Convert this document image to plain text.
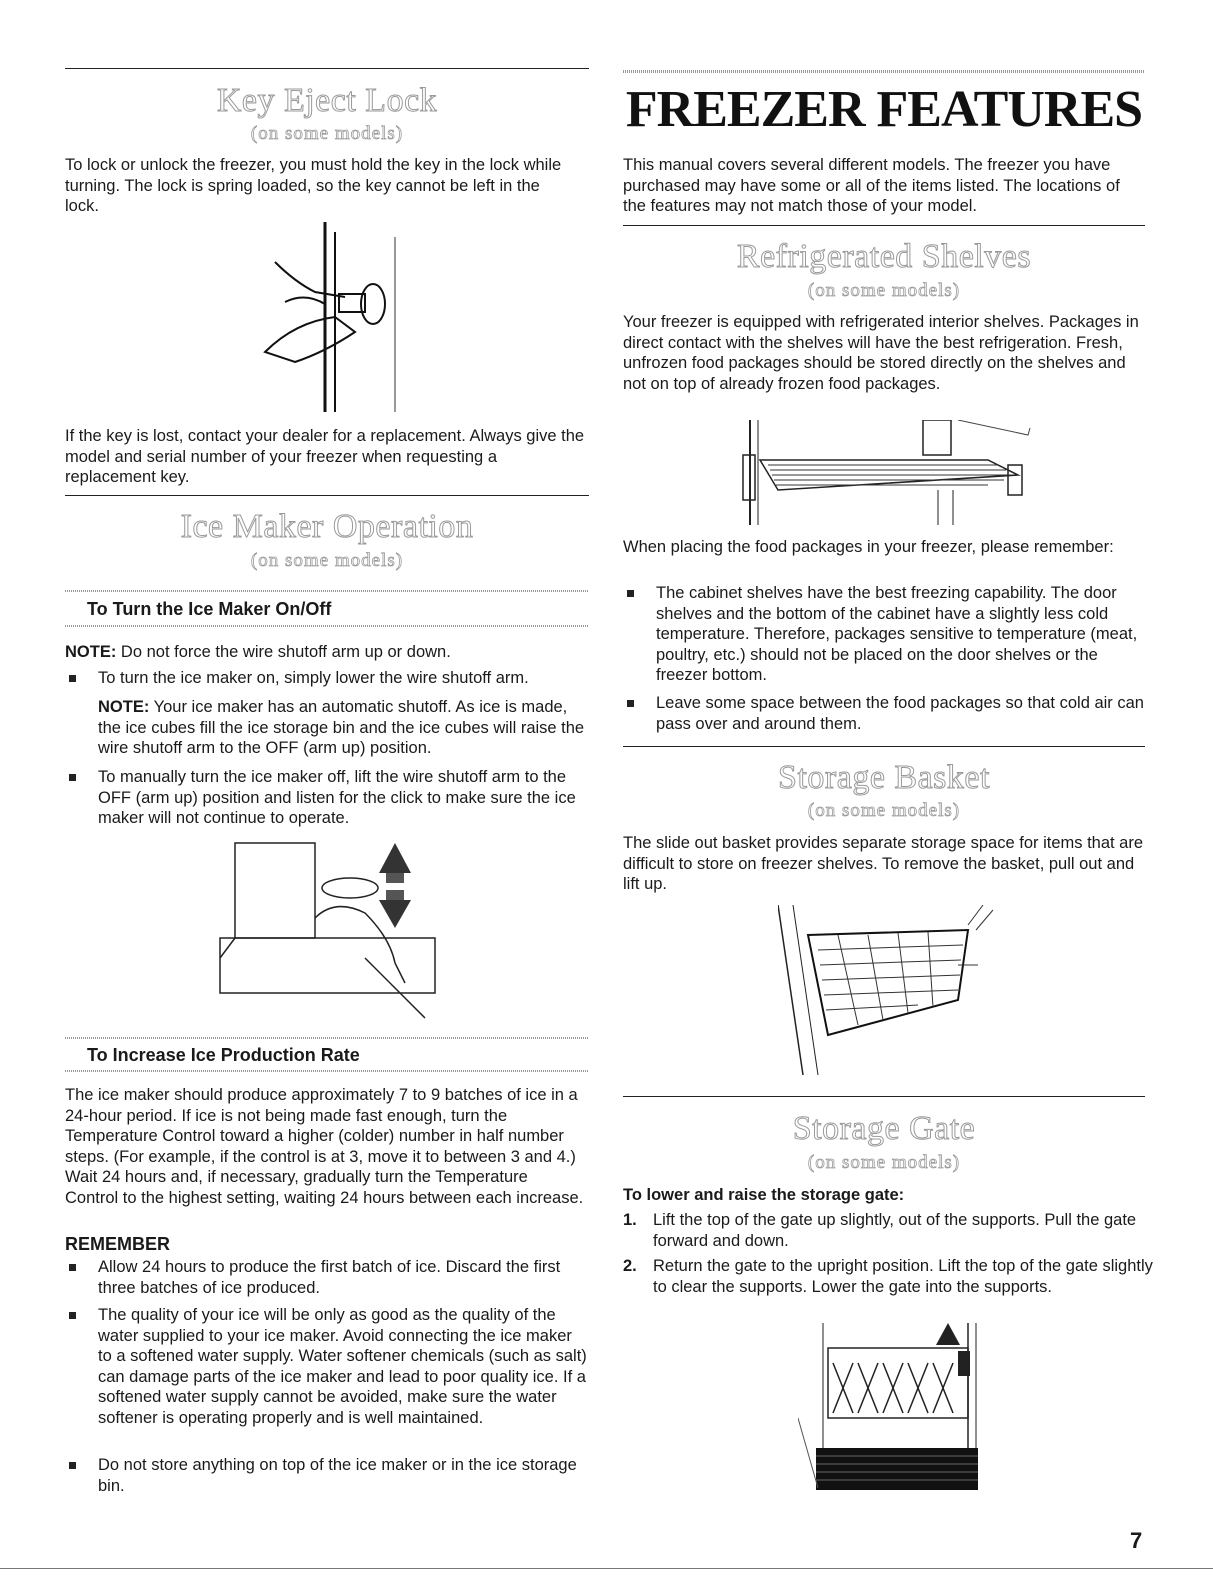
Key Eject Lock
(on some models)

To lock or unlock the freezer, you must hold the key in the lock while turning. The lock is spring loaded, so the key cannot be left in the lock.

If the key is lost, contact your dealer for a replacement. Always give the model and serial number of your freezer when requesting a replacement key.

Ice Maker Operation
(on some models)
To Turn the Ice Maker On/Off

NOTE: Do not force the wire shutoff arm up or down.

To turn the ice maker on, simply lower the wire shutoff arm.

NOTE: Your ice maker has an automatic shutoff. As ice is made, the ice cubes fill the ice storage bin and the ice cubes will raise the wire shutoff arm to the OFF (arm up) position.

To manually turn the ice maker off, lift the wire shutoff arm to the OFF (arm up) position and listen for the click to make sure the ice maker will not continue to operate.

To Increase Ice Production Rate

The ice maker should produce approximately 7 to 9 batches of ice in a 24-hour period. If ice is not being made fast enough, turn the Temperature Control toward a higher (colder) number in half number steps. (For example, if the control is at 3, move it to between 3 and 4.) Wait 24 hours and, if necessary, gradually turn the Temperature Control to the highest setting, waiting 24 hours between each increase.

REMEMBER

Allow 24 hours to produce the first batch of ice. Discard the first three batches of ice produced.

The quality of your ice will be only as good as the quality of the water supplied to your ice maker. Avoid connecting the ice maker to a softened water supply. Water softener chemicals (such as salt) can damage parts of the ice maker and lead to poor quality ice. If a softened water supply cannot be avoided, make sure the water softener is operating properly and is well maintained.

Do not store anything on top of the ice maker or in the ice storage bin.

FREEZER FEATURES

This manual covers several different models. The freezer you have purchased may have some or all of the items listed. The locations of the features may not match those of your model.

Refrigerated Shelves
(on some models)

Your freezer is equipped with refrigerated interior shelves. Packages in direct contact with the shelves will have the best refrigeration. Fresh, unfrozen food packages should be stored directly on the shelves and not on top of already frozen food packages.

When placing the food packages in your freezer, please remember:

The cabinet shelves have the best freezing capability. The door shelves and the bottom of the cabinet have a slightly less cold temperature. Therefore, packages sensitive to temperature (meat, poultry, etc.) should not be placed on the door shelves or the freezer bottom.

Leave some space between the food packages so that cold air can pass over and around them.

Storage Basket
(on some models)

The slide out basket provides separate storage space for items that are difficult to store on freezer shelves. To remove the basket, pull out and lift up.

Storage Gate
(on some models)
To lower and raise the storage gate:

1. Lift the top of the gate up slightly, out of the supports. Pull the gate forward and down.

2. Return the gate to the upright position. Lift the top of the gate slightly to clear the supports. Lower the gate into the supports.

7
